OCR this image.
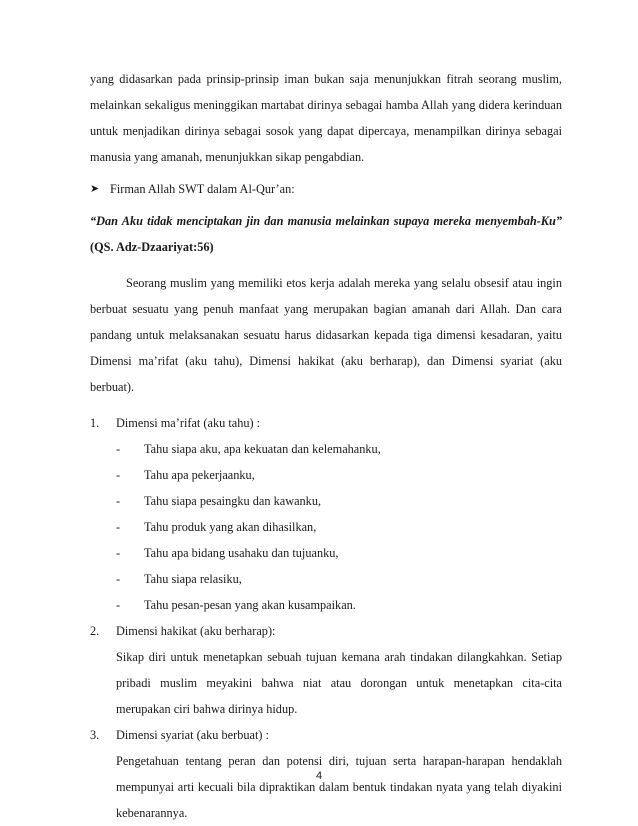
yang didasarkan pada prinsip-prinsip iman bukan saja menunjukkan fitrah seorang muslim, melainkan sekaligus meninggikan martabat dirinya sebagai hamba Allah yang didera kerinduan untuk menjadikan dirinya sebagai sosok yang dapat dipercaya, menampilkan dirinya sebagai manusia yang amanah, menunjukkan sikap pengabdian.

➤ Firman Allah SWT dalam Al-Qur’an:

“Dan Aku tidak menciptakan jin dan manusia melainkan supaya mereka menyembah-Ku” (QS. Adz-Dzaariyat:56)

Seorang muslim yang memiliki etos kerja adalah mereka yang selalu obsesif atau ingin berbuat sesuatu yang penuh manfaat yang merupakan bagian amanah dari Allah. Dan cara pandang untuk melaksanakan sesuatu harus didasarkan kepada tiga dimensi kesadaran, yaitu Dimensi ma’rifat (aku tahu), Dimensi hakikat (aku berharap), dan Dimensi syariat (aku berbuat).

1.	Dimensi ma’rifat (aku tahu) :
-	Tahu siapa aku, apa kekuatan dan kelemahanku,
-	Tahu apa pekerjaanku,
-	Tahu siapa pesaingku dan kawanku,
-	Tahu produk yang akan dihasilkan,
-	Tahu apa bidang usahaku dan tujuanku,
-	Tahu siapa relasiku,
-	Tahu pesan-pesan yang akan kusampaikan.
2.	Dimensi hakikat (aku berharap):

Sikap diri untuk menetapkan sebuah tujuan kemana arah tindakan dilangkahkan. Setiap pribadi muslim meyakini bahwa niat atau dorongan untuk menetapkan cita-cita merupakan ciri bahwa dirinya hidup.

3.	Dimensi syariat (aku berbuat) :

Pengetahuan tentang peran dan potensi diri, tujuan serta harapan-harapan hendaklah mempunyai arti kecuali bila dipraktikan dalam bentuk tindakan nyata yang telah diyakini kebenarannya.

4
